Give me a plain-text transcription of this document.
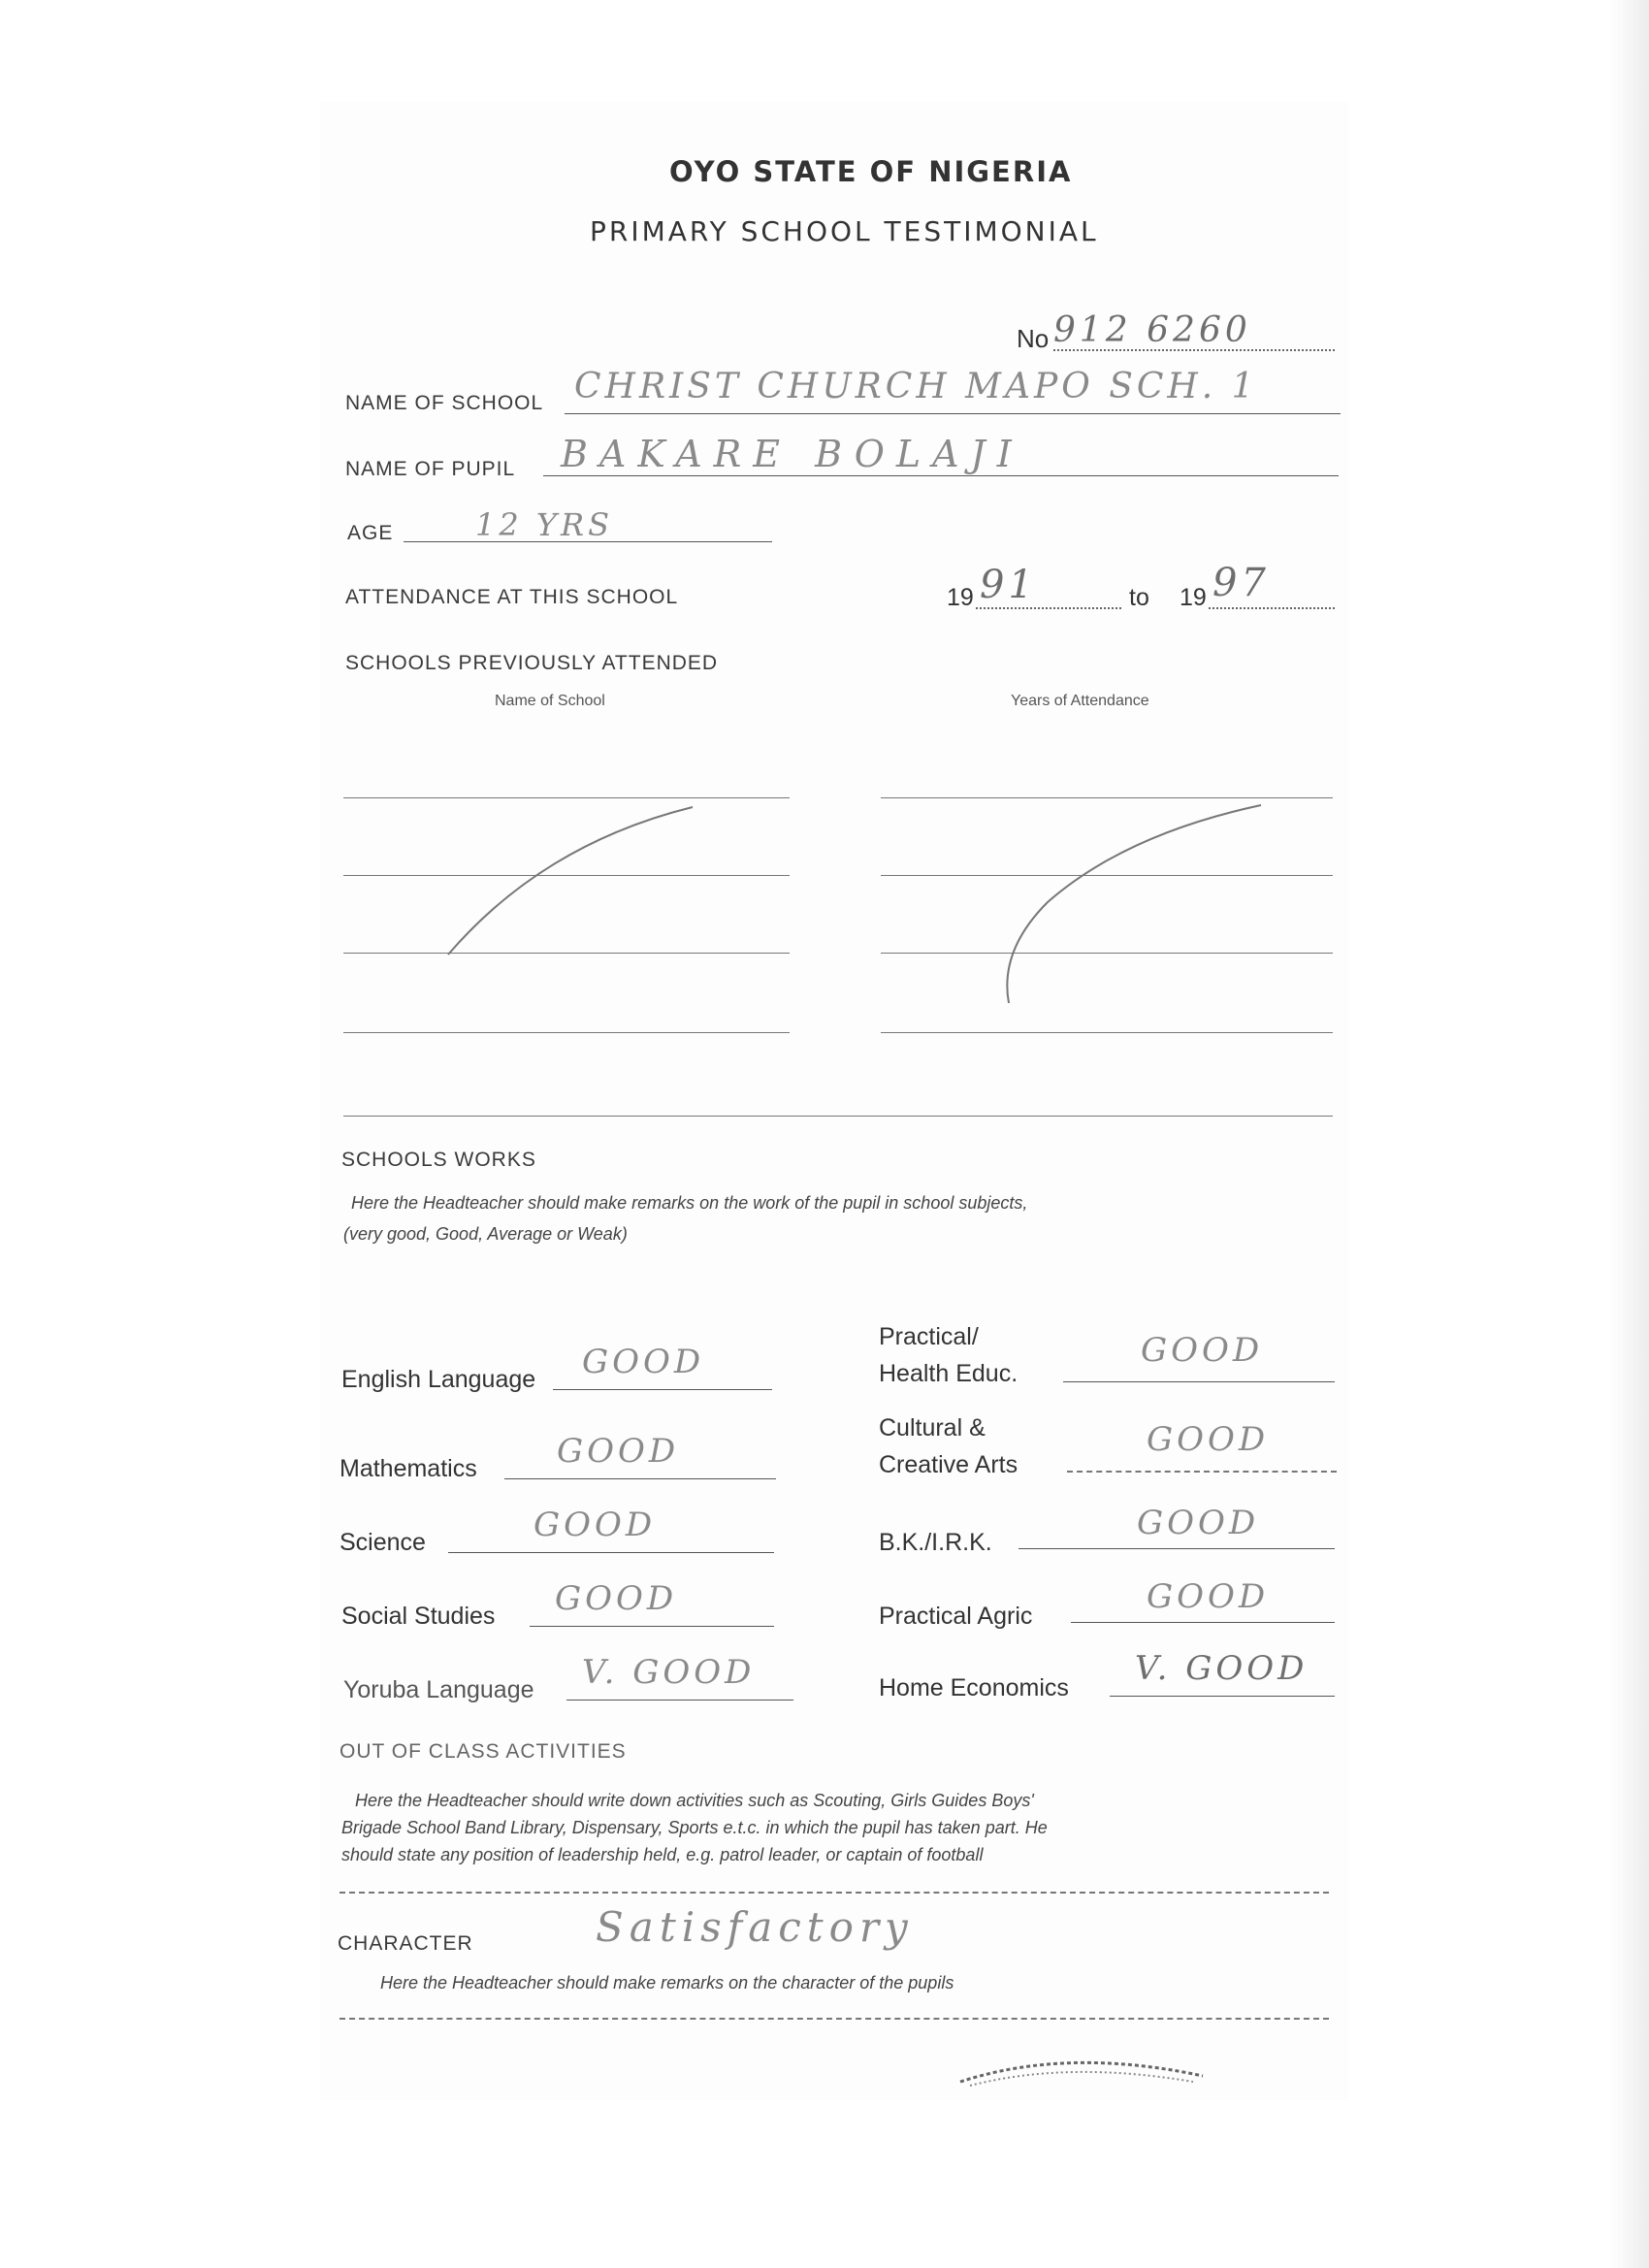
OYO STATE OF NIGERIA
PRIMARY SCHOOL TESTIMONIAL
No 912 6260
NAME OF SCHOOL CHRIST CHURCH MAPO SCH. 1
NAME OF PUPIL BAKARE BOLAJI
AGE	12 YRS
ATTENDANCE AT THIS SCHOOL	19 91	to 19 97
SCHOOLS PREVIOUSLY ATTENDED
Name of School	Years of Attendance
SCHOOLS WORKS
Here the Headteacher should make remarks on the work of the pupil in school subjects,
(very good, Good, Average or Weak)
English Language GOOD
Mathematics GOOD
Science	GOOD
Social Studies GOOD
Yoruba Language V. GOOD
Practical/
Health Educ.
GOOD
Cultural &
Creative Arts
GOOD
B.K./I.R.K.	GOOD
Practical Agric	GOOD
Home Economics V. GOOD
OUT OF CLASS ACTIVITIES
Here the Headteacher should write down activities such as Scouting, Girls Guides Boys'
Brigade School Band Library, Dispensary, Sports e.t.c. in which the pupil has taken part. He
should state any position of leadership held, e.g. patrol leader, or captain of football
CHARACTER	Satisfactory
Here the Headteacher should make remarks on the character of the pupils
